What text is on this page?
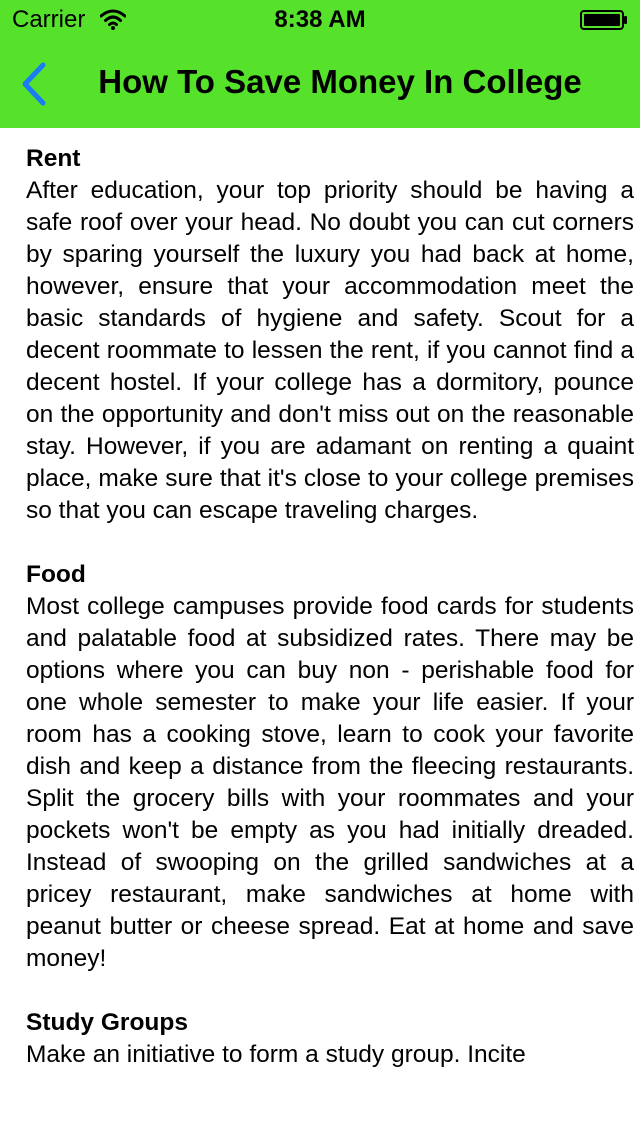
Carrier	8:38 AM
How To Save Money In College

Rent

After education, your top priority should be having a safe roof over your head. No doubt you can cut corners by sparing yourself the luxury you had back at home, however, ensure that your accommodation meet the basic standards of hygiene and safety. Scout for a decent roommate to lessen the rent, if you cannot find a decent hostel. If your college has a dormitory, pounce on the opportunity and don't miss out on the reasonable stay. However, if you are adamant on renting a quaint place, make sure that it's close to your college premises so that you can escape traveling charges.

Food

Most college campuses provide food cards for students and palatable food at subsidized rates. There may be options where you can buy non - perishable food for one whole semester to make your life easier. If your room has a cooking stove, learn to cook your favorite dish and keep a distance from the fleecing restaurants. Split the grocery bills with your roommates and your pockets won't be empty as you had initially dreaded. Instead of swooping on the grilled sandwiches at a pricey restaurant, make sandwiches at home with peanut butter or cheese spread. Eat at home and save money!

Study Groups

Make an initiative to form a study group. Incite
